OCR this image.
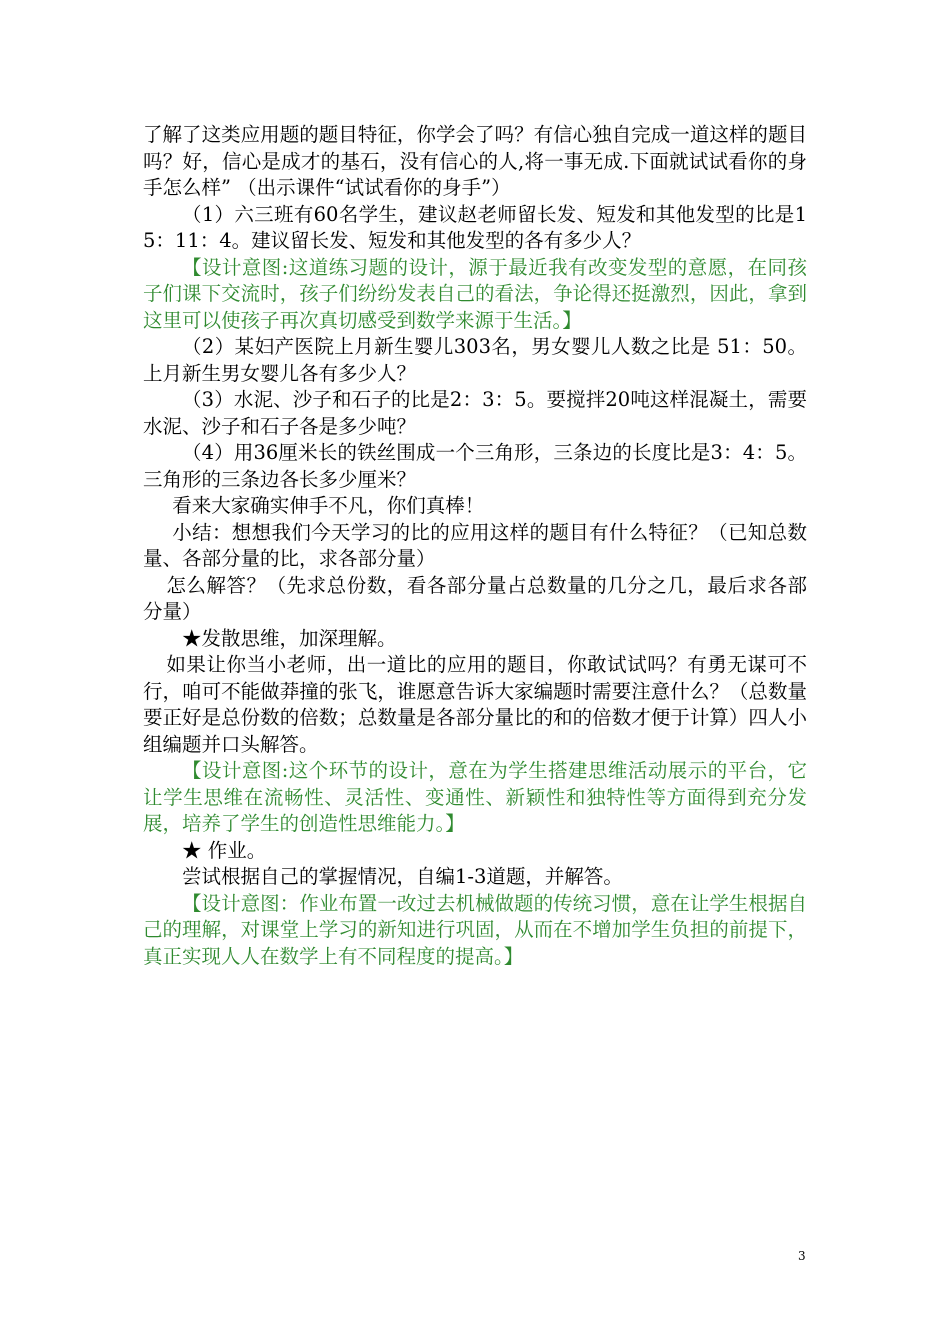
了解了这类应用题的题目特征，你学会了吗？有信心独自完成一道这样的题目吗？好，信心是成才的基石，没有信心的人,将一事无成.下面就试试看你的身手怎么样” （出示课件“试试看你的身手”）

（1）六三班有60名学生，建议赵老师留长发、短发和其他发型的比是15：11：4。建议留长发、短发和其他发型的各有多少人？

【设计意图:这道练习题的设计，源于最近我有改变发型的意愿，在同孩子们课下交流时，孩子们纷纷发表自己的看法，争论得还挺激烈，因此，拿到这里可以使孩子再次真切感受到数学来源于生活。】

（2）某妇产医院上月新生婴儿303名，男女婴儿人数之比是 51：50。上月新生男女婴儿各有多少人？

（3）水泥、沙子和石子的比是2：3：5。要搅拌20吨这样混凝土，需要水泥、沙子和石子各是多少吨？

（4）用36厘米长的铁丝围成一个三角形，三条边的长度比是3：4：5。三角形的三条边各长多少厘米？

看来大家确实伸手不凡，你们真棒！

小结：想想我们今天学习的比的应用这样的题目有什么特征？（已知总数量、各部分量的比，求各部分量）

怎么解答？（先求总份数，看各部分量占总数量的几分之几，最后求各部分量）

★发散思维，加深理解。

如果让你当小老师，出一道比的应用的题目，你敢试试吗？有勇无谋可不行，咱可不能做莽撞的张飞，谁愿意告诉大家编题时需要注意什么？（总数量要正好是总份数的倍数；总数量是各部分量比的和的倍数才便于计算）四人小组编题并口头解答。

【设计意图:这个环节的设计，意在为学生搭建思维活动展示的平台，它让学生思维在流畅性、灵活性、变通性、新颖性和独特性等方面得到充分发展，培养了学生的创造性思维能力。】

★ 作业。

尝试根据自己的掌握情况，自编1-3道题，并解答。

【设计意图：作业布置一改过去机械做题的传统习惯，意在让学生根据自己的理解，对课堂上学习的新知进行巩固，从而在不增加学生负担的前提下，真正实现人人在数学上有不同程度的提高。】

3
